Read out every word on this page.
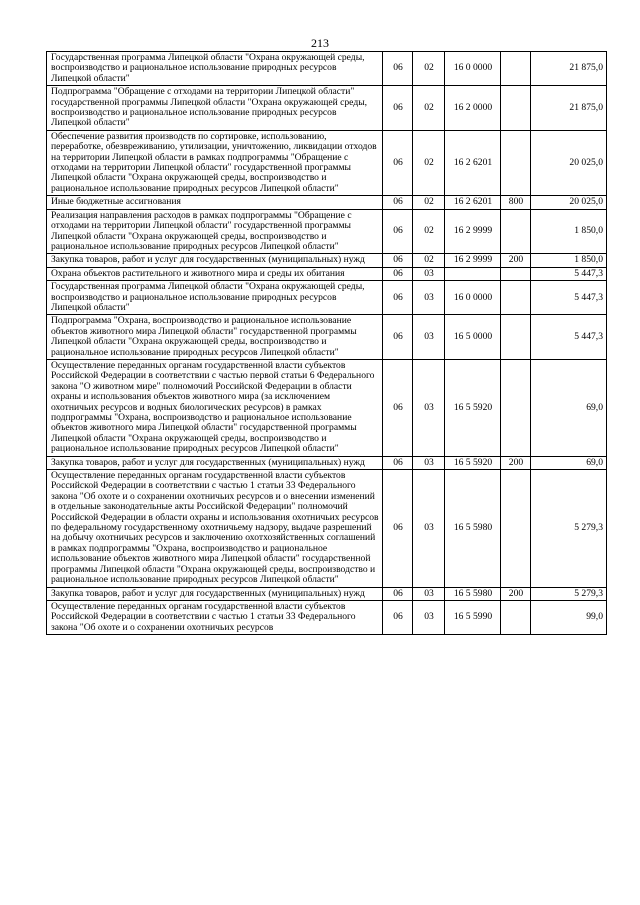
213
Государственная программа Липецкой области "Охрана окружающей среды, воспроизводство и рациональное использование природных ресурсов Липецкой области"	06	02	16 0 0000		21 875,0
Подпрограмма "Обращение с отходами на территории Липецкой области" государственной программы Липецкой области "Охрана окружающей среды, воспроизводство и рациональное использование природных ресурсов Липецкой области"	06	02	16 2 0000		21 875,0
Обеспечение развития производств по сортировке, использованию, переработке, обезвреживанию, утилизации, уничтожению, ликвидации отходов на территории Липецкой области в рамках подпрограммы "Обращение с отходами на территории Липецкой области" государственной программы Липецкой области "Охрана окружающей среды, воспроизводство и рациональное использование природных ресурсов Липецкой области"	06	02	16 2 6201		20 025,0
Иные бюджетные ассигнования	06	02	16 2 6201	800	20 025,0
Реализация направления расходов в рамках подпрограммы "Обращение с отходами на территории Липецкой области" государственной программы Липецкой области "Охрана окружающей среды, воспроизводство и рациональное использование природных ресурсов Липецкой области"	06	02	16 2 9999		1 850,0
Закупка товаров, работ и услуг для государственных (муниципальных) нужд	06	02	16 2 9999	200	1 850,0
Охрана объектов растительного и животного мира и среды их обитания	06	03			5 447,3
Государственная программа Липецкой области "Охрана окружающей среды, воспроизводство и рациональное использование природных ресурсов Липецкой области"	06	03	16 0 0000		5 447,3
Подпрограмма "Охрана, воспроизводство и рациональное использование объектов животного мира Липецкой области" государственной программы Липецкой области "Охрана окружающей среды, воспроизводство и рациональное использование природных ресурсов Липецкой области"	06	03	16 5 0000		5 447,3
Осуществление переданных органам государственной власти субъектов Российской Федерации в соответствии с частью первой статьи 6 Федерального закона "О животном мире" полномочий Российской Федерации в области охраны и использования объектов животного мира (за исключением охотничьих ресурсов и водных биологических ресурсов) в рамках подпрограммы "Охрана, воспроизводство и рациональное использование объектов животного мира Липецкой области" государственной программы Липецкой области "Охрана окружающей среды, воспроизводство и рациональное использование природных ресурсов Липецкой области"	06	03	16 5 5920		69,0
Закупка товаров, работ и услуг для государственных (муниципальных) нужд	06	03	16 5 5920	200	69,0
Осуществление переданных органам государственной власти субъектов Российской Федерации в соответствии с частью 1 статьи 33 Федерального закона "Об охоте и о сохранении охотничьих ресурсов и о внесении изменений в отдельные законодательные акты Российской Федерации" полномочий Российской Федерации в области охраны и использования охотничьих ресурсов по федеральному государственному охотничьему надзору, выдаче разрешений на добычу охотничьих ресурсов и заключению охотхозяйственных соглашений в рамках подпрограммы "Охрана, воспроизводство и рациональное использование объектов животного мира Липецкой области" государственной программы Липецкой области "Охрана окружающей среды, воспроизводство и рациональное использование природных ресурсов Липецкой области"	06	03	16 5 5980		5 279,3
Закупка товаров, работ и услуг для государственных (муниципальных) нужд	06	03	16 5 5980	200	5 279,3
Осуществление переданных органам государственной власти субъектов Российской Федерации в соответствии с частью 1 статьи 33 Федерального закона "Об охоте и о сохранении охотничьих ресурсов	06	03	16 5 5990		99,0
